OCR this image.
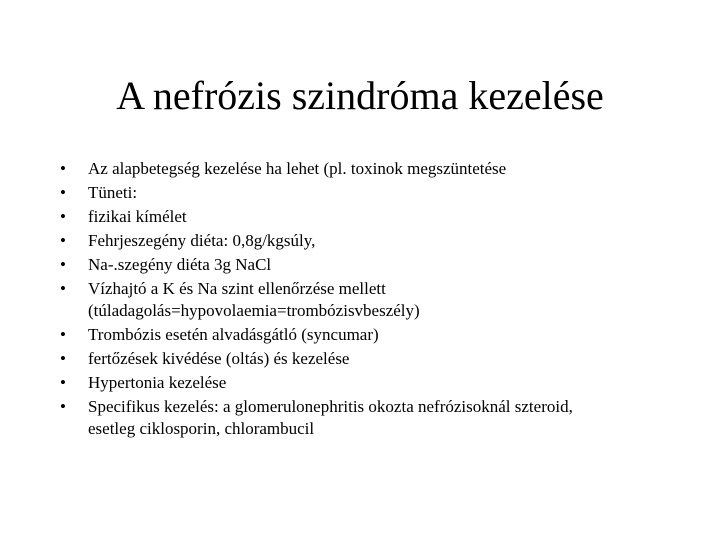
A nefrózis szindróma kezelése
• Az alapbetegség kezelése ha lehet (pl. toxinok megszüntetése
• Tüneti:
• fizikai kímélet
• Fehrjeszegény diéta: 0,8g/kgsúly,
• Na-.szegény diéta 3g NaCl
• Vízhajtó a K és Na szint ellenőrzése mellett
(túladagolás=hypovolaemia=trombózisvbeszély)
• Trombózis esetén alvadásgátló (syncumar)
• fertőzések kivédése (oltás) és kezelése
• Hypertonia kezelése
• Specifikus kezelés: a glomerulonephritis okozta nefrózisoknál szteroid,
esetleg ciklosporin, chlorambucil
